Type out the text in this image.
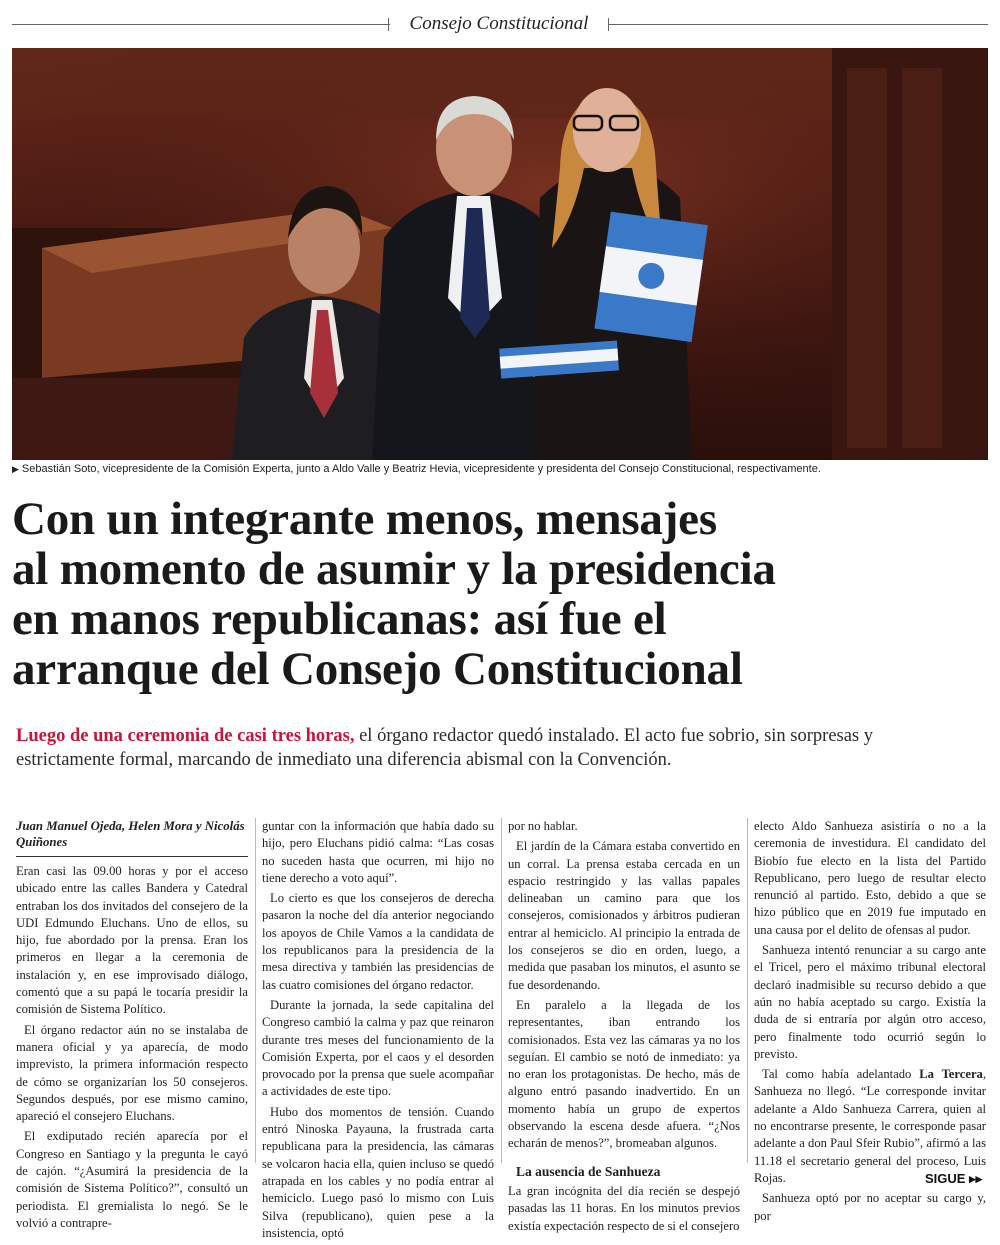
Consejo Constitucional
▶ Sebastián Soto, vicepresidente de la Comisión Experta, junto a Aldo Valle y Beatriz Hevia, vicepresidente y presidenta del Consejo Constitucional, respectivamente.
Con un integrante menos, mensajes
al momento de asumir y la presidencia
en manos republicanas: así fue el
arranque del Consejo Constitucional
Luego de una ceremonia de casi tres horas, el órgano redactor quedó instalado. El acto fue sobrio, sin sorpresas y estrictamente formal, marcando de inmediato una diferencia abismal con la Convención.
Juan Manuel Ojeda, Helen Mora y Nicolás Quiñones

Eran casi las 09.00 horas y por el acceso ubicado entre las calles Bandera y Catedral entraban los dos invitados del consejero de la UDI Edmundo Eluchans. Uno de ellos, su hijo, fue abordado por la prensa. Eran los primeros en llegar a la ceremonia de instalación y, en ese improvisado diálogo, comentó que a su papá le tocaría presidir la comisión de Sistema Político.

El órgano redactor aún no se instalaba de manera oficial y ya aparecía, de modo imprevisto, la primera información respecto de cómo se organizarían los 50 consejeros. Segundos después, por ese mismo camino, apareció el consejero Eluchans.

El exdiputado recién aparecía por el Congreso en Santiago y la pregunta le cayó de cajón. “¿Asumirá la presidencia de la comisión de Sistema Político?”, consultó un periodista. El gremialista lo negó. Se le volvió a contrapre-

guntar con la información que había dado su hijo, pero Eluchans pidió calma: “Las cosas no suceden hasta que ocurren, mi hijo no tiene derecho a voto aquí”.

Lo cierto es que los consejeros de derecha pasaron la noche del día anterior negociando los apoyos de Chile Vamos a la candidata de los republicanos para la presidencia de la mesa directiva y también las presidencias de las cuatro comisiones del órgano redactor.

Durante la jornada, la sede capitalina del Congreso cambió la calma y paz que reinaron durante tres meses del funcionamiento de la Comisión Experta, por el caos y el desorden provocado por la prensa que suele acompañar a actividades de este tipo.

Hubo dos momentos de tensión. Cuando entró Ninoska Payauna, la frustrada carta republicana para la presidencia, las cámaras se volcaron hacia ella, quien incluso se quedó atrapada en los cables y no podía entrar al hemiciclo. Luego pasó lo mismo con Luis Silva (republicano), quien pese a la insistencia, optó

por no hablar.

El jardín de la Cámara estaba convertido en un corral. La prensa estaba cercada en un espacio restringido y las vallas papales delineaban un camino para que los consejeros, comisionados y árbitros pudieran entrar al hemiciclo. Al principio la entrada de los consejeros se dio en orden, luego, a medida que pasaban los minutos, el asunto se fue desordenando.

En paralelo a la llegada de los representantes, iban entrando los comisionados. Esta vez las cámaras ya no los seguían. El cambio se notó de inmediato: ya no eran los protagonistas. De hecho, más de alguno entró pasando inadvertido. En un momento había un grupo de expertos observando la escena desde afuera. “¿Nos echarán de menos?”, bromeaban algunos.

La ausencia de Sanhueza

La gran incógnita del día recién se despejó pasadas las 11 horas. En los minutos previos existía expectación respecto de si el consejero

electo Aldo Sanhueza asistiría o no a la ceremonia de investidura. El candidato del Biobío fue electo en la lista del Partido Republicano, pero luego de resultar electo renunció al partido. Esto, debido a que se hizo público que en 2019 fue imputado en una causa por el delito de ofensas al pudor.

Sanhueza intentó renunciar a su cargo ante el Tricel, pero el máximo tribunal electoral declaró inadmisible su recurso debido a que aún no había aceptado su cargo. Existía la duda de si entraría por algún otro acceso, pero finalmente todo ocurrió según lo previsto.

Tal como había adelantado La Tercera, Sanhueza no llegó. “Le corresponde invitar adelante a Aldo Sanhueza Carrera, quien al no encontrarse presente, le corresponde pasar adelante a don Paul Sfeir Rubio”, afirmó a las 11.18 el secretario general del proceso, Luis Rojas.

Sanhueza optó por no aceptar su cargo y, por

SIGUE ▸▸
